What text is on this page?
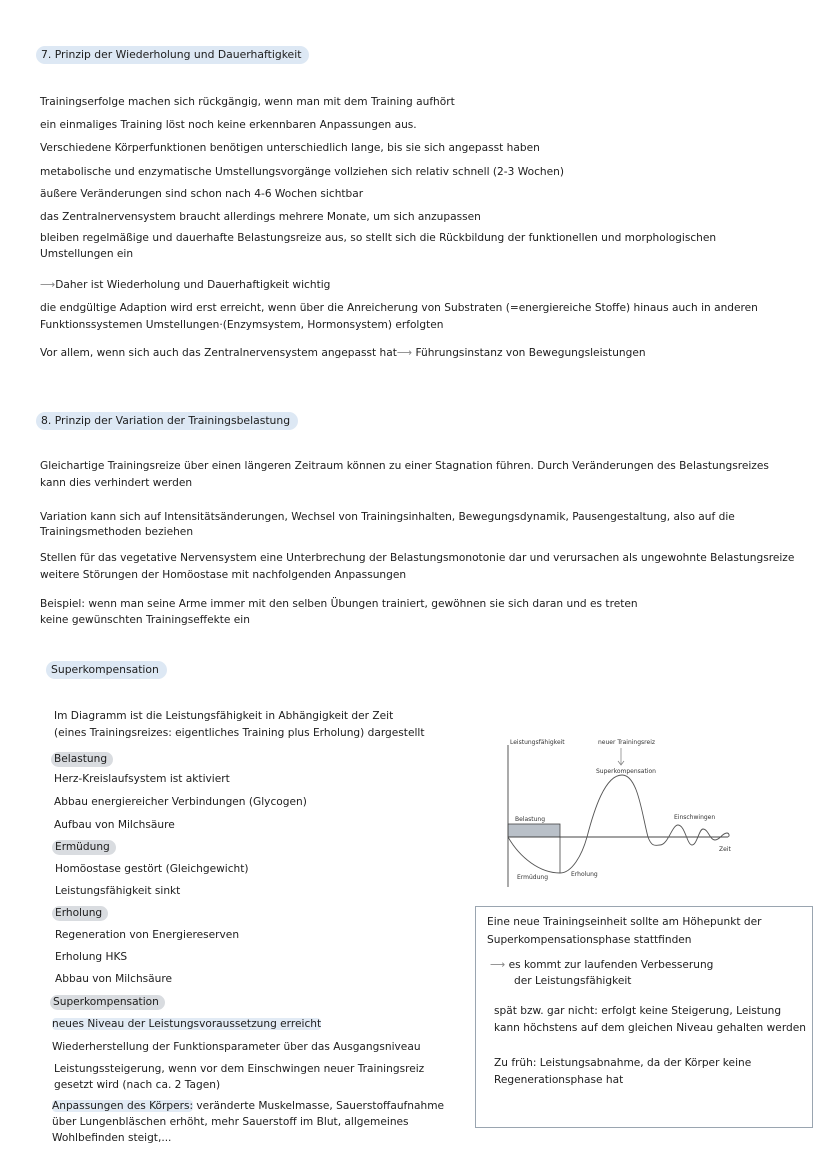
7. Prinzip der Wiederholung und Dauerhaftigkeit
Trainingserfolge machen sich rückgängig, wenn man mit dem Training aufhört
ein einmaliges Training löst noch keine erkennbaren Anpassungen aus.
Verschiedene Körperfunktionen benötigen unterschiedlich lange, bis sie sich angepasst haben
metabolische und enzymatische Umstellungsvorgänge vollziehen sich relativ schnell (2-3 Wochen)
äußere Veränderungen sind schon nach 4-6 Wochen sichtbar
das Zentralnervensystem braucht allerdings mehrere Monate, um sich anzupassen
bleiben regelmäßige und dauerhafte Belastungsreize aus, so stellt sich die Rückbildung der funktionellen und morphologischen
Umstellungen ein
⟶Daher ist Wiederholung und Dauerhaftigkeit wichtig
die endgültige Adaption wird erst erreicht, wenn über die Anreicherung von Substraten (=energiereiche Stoffe) hinaus auch in anderen
Funktionssystemen Umstellungen·(Enzymsystem, Hormonsystem) erfolgten
Vor allem, wenn sich auch das Zentralnervensystem angepasst hat⟶ Führungsinstanz von Bewegungsleistungen
8. Prinzip der Variation der Trainingsbelastung
Gleichartige Trainingsreize über einen längeren Zeitraum können zu einer Stagnation führen. Durch Veränderungen des Belastungsreizes
kann dies verhindert werden
Variation kann sich auf Intensitätsänderungen, Wechsel von Trainingsinhalten, Bewegungsdynamik, Pausengestaltung, also auf die
Trainingsmethoden beziehen
Stellen für das vegetative Nervensystem eine Unterbrechung der Belastungsmonotonie dar und verursachen als ungewohnte Belastungsreize
weitere Störungen der Homöostase mit nachfolgenden Anpassungen
Beispiel: wenn man seine Arme immer mit den selben Übungen trainiert, gewöhnen sie sich daran und es treten
keine gewünschten Trainingseffekte ein
Superkompensation
Im Diagramm ist die Leistungsfähigkeit in Abhängigkeit der Zeit
(eines Trainingsreizes: eigentliches Training plus Erholung) dargestellt
Belastung
Herz-Kreislaufsystem ist aktiviert
Abbau energiereicher Verbindungen (Glycogen)
Aufbau von Milchsäure
Ermüdung
Homöostase gestört (Gleichgewicht)
Leistungsfähigkeit sinkt
Erholung
Regeneration von Energiereserven
Erholung HKS
Abbau von Milchsäure
Superkompensation
neues Niveau der Leistungsvoraussetzung erreicht
Wiederherstellung der Funktionsparameter über das Ausgangsniveau
Leistungssteigerung, wenn vor dem Einschwingen neuer Trainingsreiz
gesetzt wird (nach ca. 2 Tagen)
Anpassungen des Körpers: veränderte Muskelmasse, Sauerstoffaufnahme
über Lungenbläschen erhöht, mehr Sauerstoff im Blut, allgemeines
Wohlbefinden steigt,...
Leistungsfähigkeit	neuer Trainingsreiz
Superkompensation
Belastung	Einschwingen
Zeit
Ermüdung	Erholung
Eine neue Trainingseinheit sollte am Höhepunkt der
Superkompensationsphase stattfinden
⟶ es kommt zur laufenden Verbesserung
der Leistungsfähigkeit
spät bzw. gar nicht: erfolgt keine Steigerung, Leistung
kann höchstens auf dem gleichen Niveau gehalten werden
Zu früh: Leistungsabnahme, da der Körper keine
Regenerationsphase hat
